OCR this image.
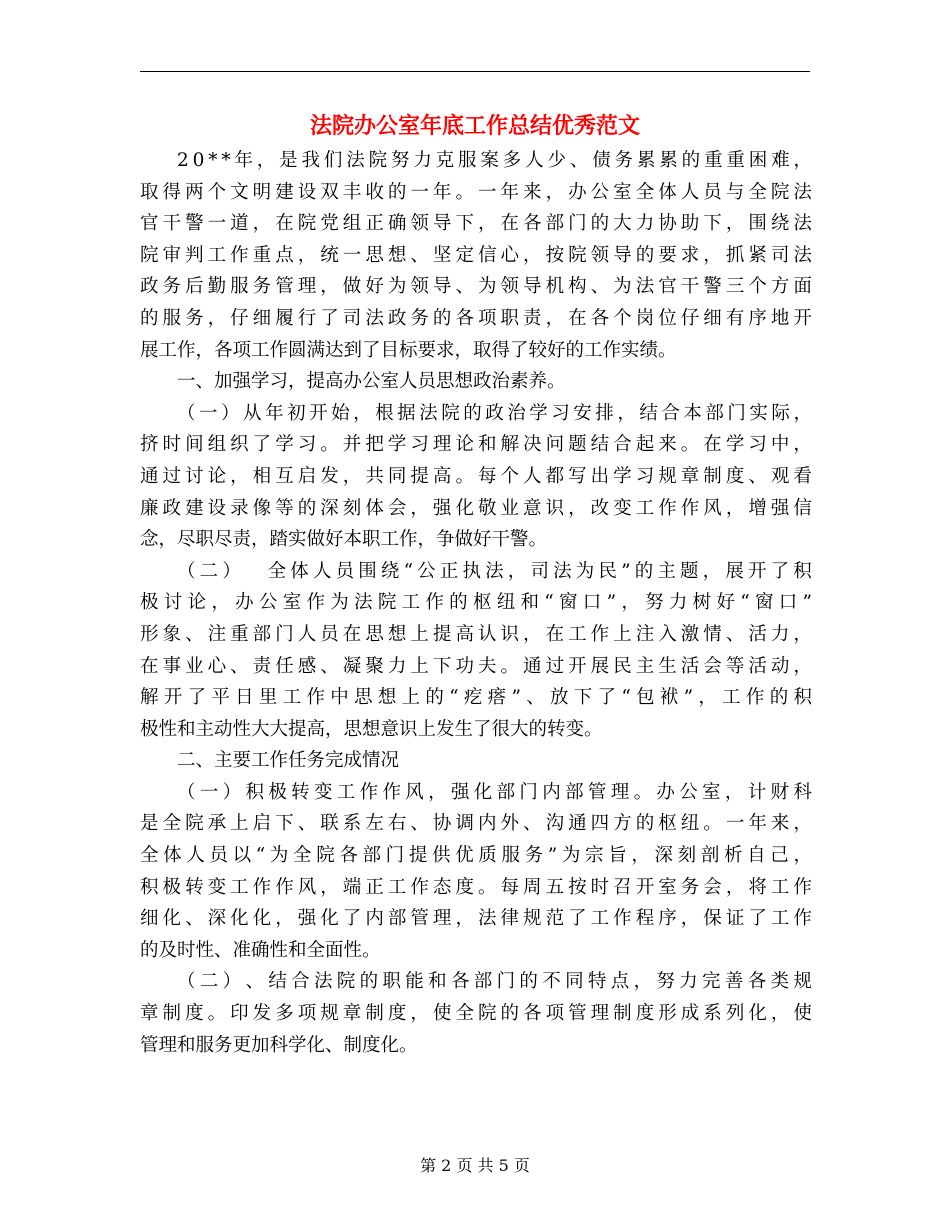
法院办公室年底工作总结优秀范文
2 0 * * 年 ， 是 我 们 法 院 努 力 克 服 案 多 人 少 、 债 务 累 累 的 重 重 困 难 ，
取 得 两 个 文 明 建 设 双 丰 收 的 一 年 。 一 年 来 ， 办 公 室 全 体 人 员 与 全 院 法
官 干 警 一 道 ， 在 院 党 组 正 确 领 导 下 ， 在 各 部 门 的 大 力 协 助 下 ， 围 绕 法
院 审 判 工 作 重 点 ， 统 一 思 想 、 坚 定 信 心 ， 按 院 领 导 的 要 求 ， 抓 紧 司 法
政 务 后 勤 服 务 管 理 ， 做 好 为 领 导 、 为 领 导 机 构 、 为 法 官 干 警 三 个 方 面
的 服 务 ， 仔 细 履 行 了 司 法 政 务 的 各 项 职 责 ， 在 各 个 岗 位 仔 细 有 序 地 开
展工作，各项工作圆满达到了目标要求，取得了较好的工作实绩。
一、加强学习，提高办公室人员思想政治素养。
（ 一 ） 从 年 初 开 始 ， 根 据 法 院 的 政 治 学 习 安 排 ， 结 合 本 部 门 实 际 ，
挤 时 间 组 织 了 学 习 。 并 把 学 习 理 论 和 解 决 问 题 结 合 起 来 。 在 学 习 中 ，
通 过 讨 论 ， 相 互 启 发 ， 共 同 提 高 。 每 个 人 都 写 出 学 习 规 章 制 度 、 观 看
廉 政 建 设 录 像 等 的 深 刻 体 会 ， 强 化 敬 业 意 识 ， 改 变 工 作 作 风 ， 增 强 信
念，尽职尽责，踏实做好本职工作，争做好干警。
（ 二 ）
　 全 体 人 员 围 绕 “ 公 正 执 法 ， 司 法 为 民 ” 的 主 题 ， 展 开 了 积
极 讨 论 ， 办 公 室 作 为 法 院 工 作 的 枢 纽 和 “ 窗 口 ” ， 努 力 树 好 “ 窗 口 ”
形 象 、 注 重 部 门 人 员 在 思 想 上 提 高 认 识 ， 在 工 作 上 注 入 激 情 、 活 力 ，
在 事 业 心 、 责 任 感 、 凝 聚 力 上 下 功 夫 。 通 过 开 展 民 主 生 活 会 等 活 动 ，
解 开 了 平 日 里 工 作 中 思 想 上 的 “ 疙 瘩 ” 、 放 下 了 “ 包 袱 ” ， 工 作 的 积
极性和主动性大大提高，思想意识上发生了很大的转变。
二、主要工作任务完成情况
（ 一 ） 积 极 转 变 工 作 作 风 ， 强 化 部 门 内 部 管 理 。 办 公 室 ， 计 财 科
是 全 院 承 上 启 下 、 联 系 左 右 、 协 调 内 外 、 沟 通 四 方 的 枢 纽 。 一 年 来 ，
全 体 人 员 以 “ 为 全 院 各 部 门 提 供 优 质 服 务 ” 为 宗 旨 ， 深 刻 剖 析 自 己 ，
积 极 转 变 工 作 作 风 ， 端 正 工 作 态 度 。 每 周 五 按 时 召 开 室 务 会 ， 将 工 作
细 化 、 深 化 化 ， 强 化 了 内 部 管 理 ， 法 律 规 范 了 工 作 程 序 ， 保 证 了 工 作
的及时性、准确性和全面性。
（ 二 ） 、 结 合 法 院 的 职 能 和 各 部 门 的 不 同 特 点 ， 努 力 完 善 各 类 规
章 制 度 。 印 发 多 项 规 章 制 度 ， 使 全 院 的 各 项 管 理 制 度 形 成 系 列 化 ， 使
管理和服务更加科学化、制度化。
第 2 页 共 5 页
